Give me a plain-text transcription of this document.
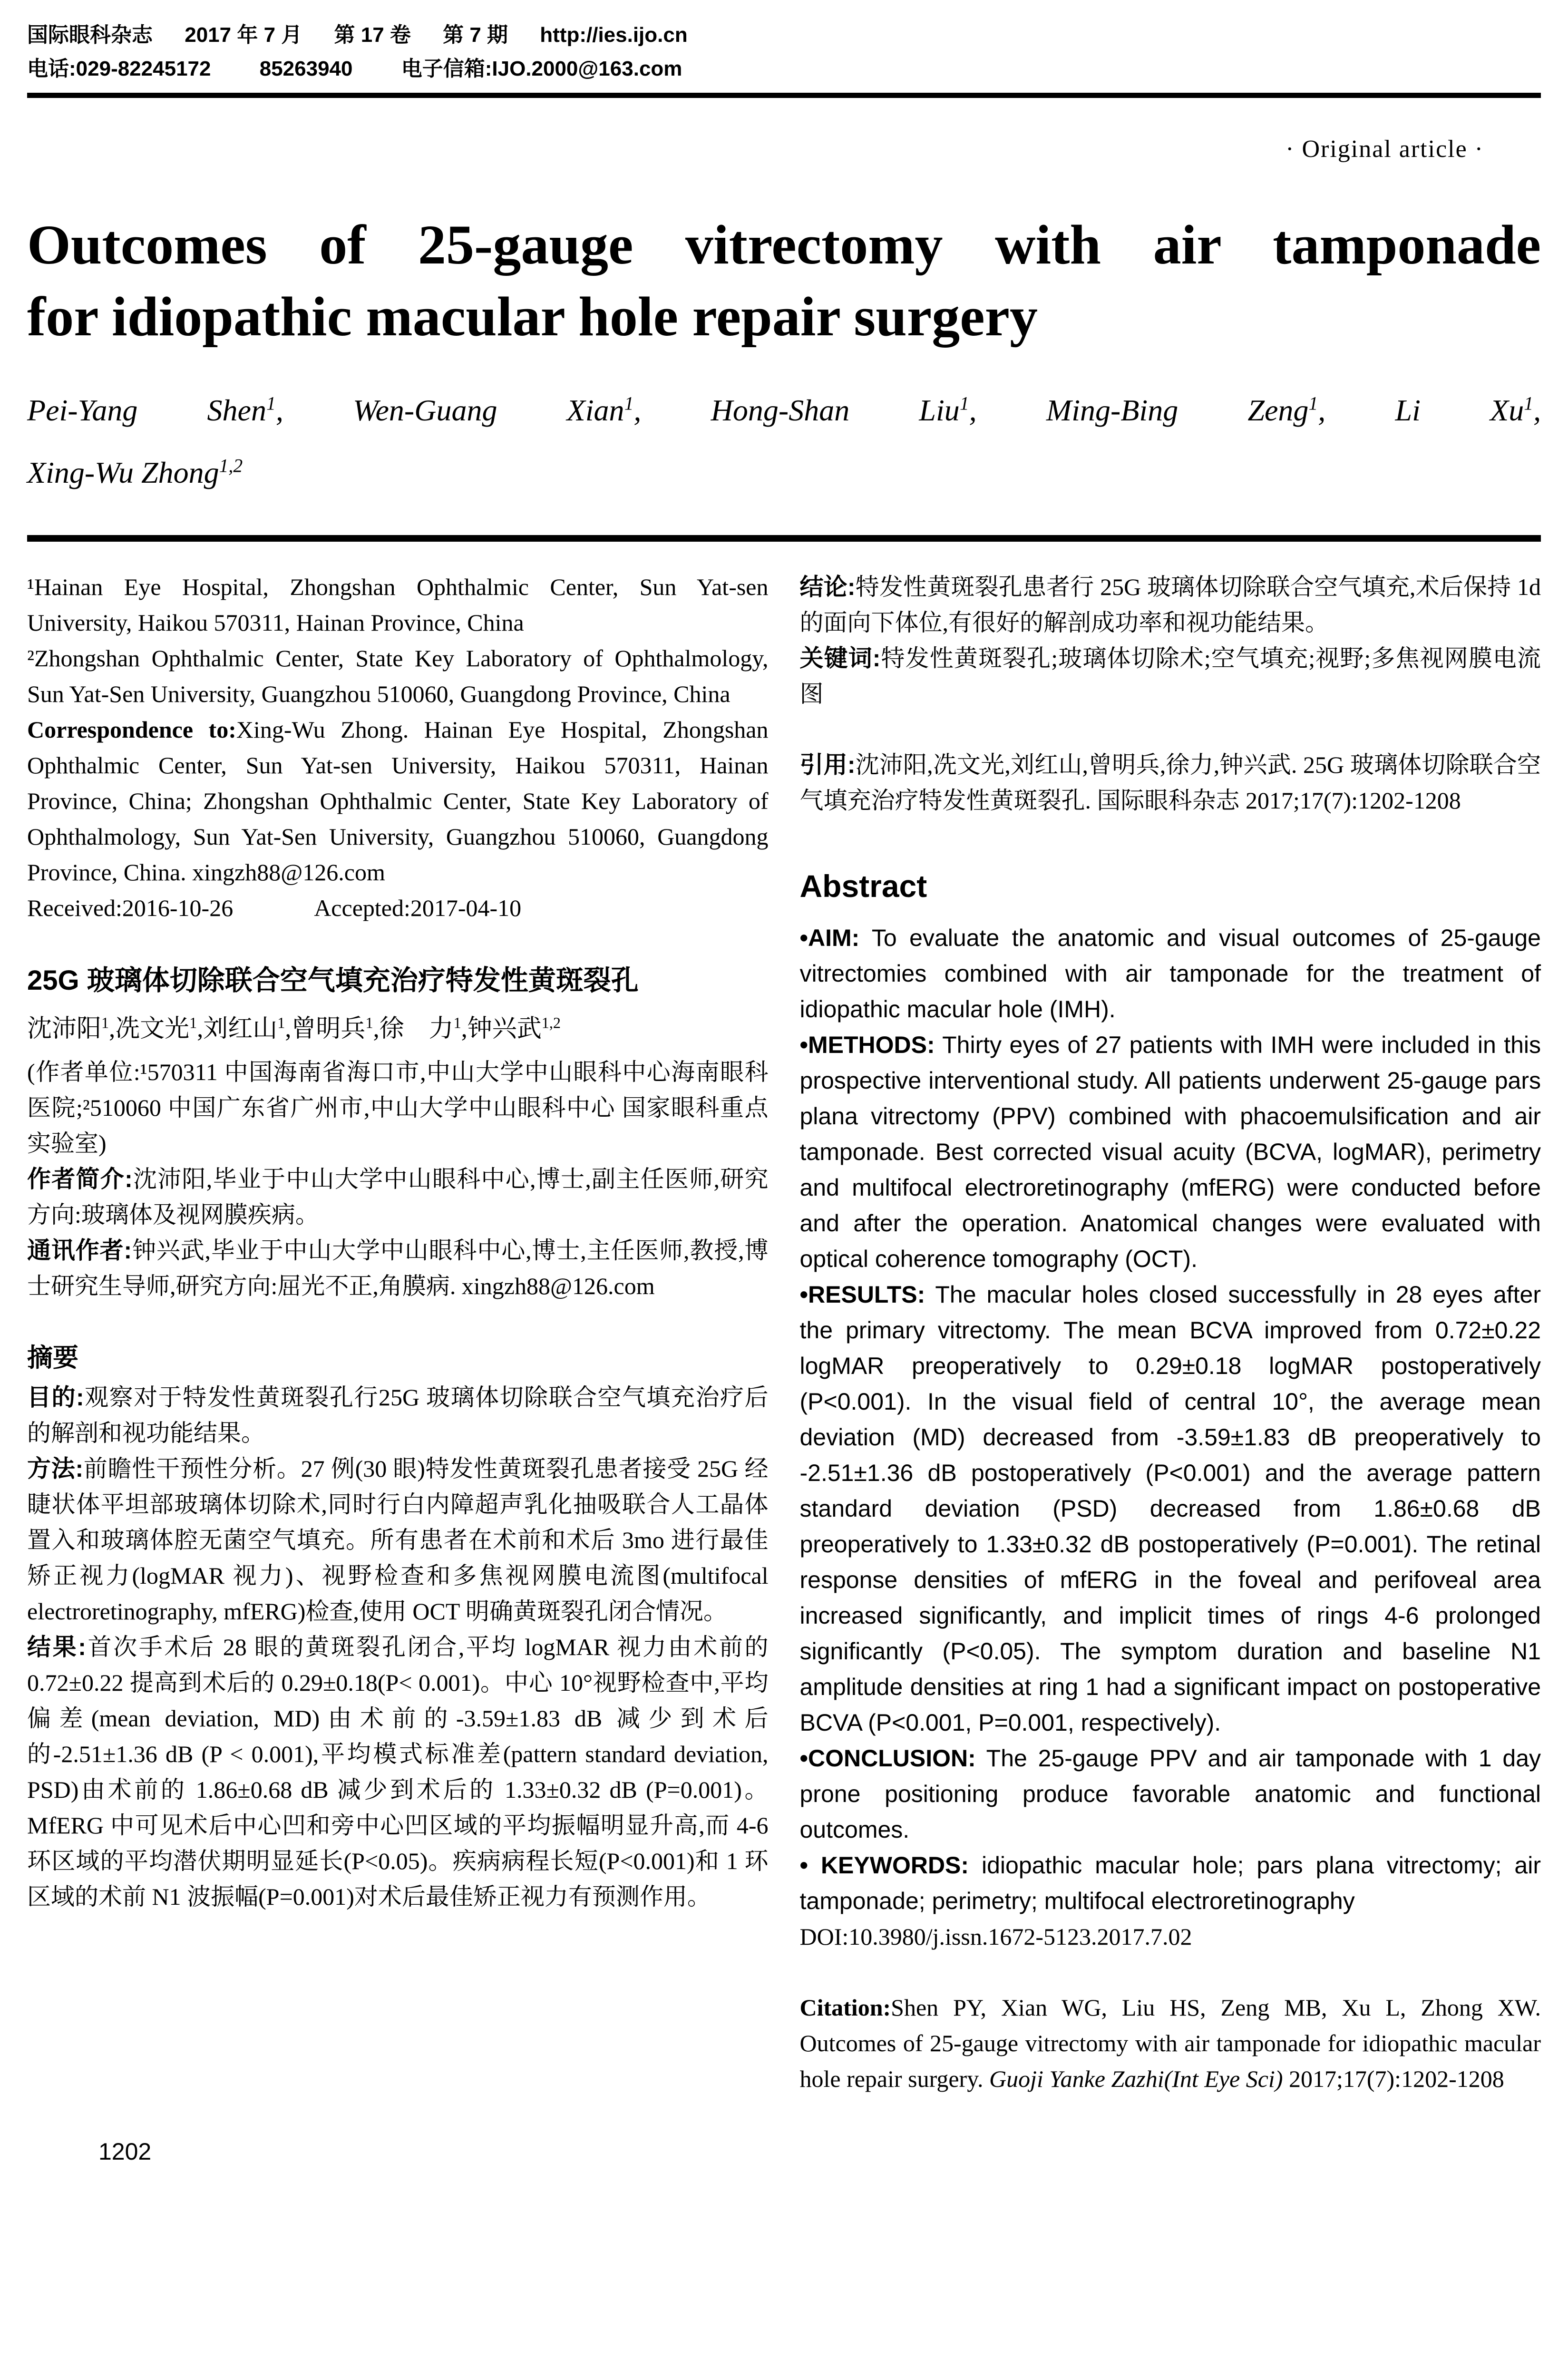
国际眼科杂志 2017 年 7 月 第 17 卷 第 7 期 http://ies.ijo.cn
电话:029-82245172 85263940 电子信箱:IJO.2000@163.com
· Original article ·
Outcomes of 25-gauge vitrectomy with air tamponade
for idiopathic macular hole repair surgery
Pei-Yang Shen$^1$, Wen-Guang Xian$^1$, Hong-Shan Liu$^1$, Ming-Bing Zeng$^1$, Li Xu$^1$,
Xing-Wu Zhong$^{1,2}$

¹Hainan Eye Hospital, Zhongshan Ophthalmic Center, Sun Yat-sen University, Haikou 570311, Hainan Province, China

²Zhongshan Ophthalmic Center, State Key Laboratory of Ophthalmology, Sun Yat-Sen University, Guangzhou 510060, Guangdong Province, China

Correspondence to:Xing-Wu Zhong. Hainan Eye Hospital, Zhongshan Ophthalmic Center, Sun Yat-sen University, Haikou 570311, Hainan Province, China; Zhongshan Ophthalmic Center, State Key Laboratory of Ophthalmology, Sun Yat-Sen University, Guangzhou 510060, Guangdong Province, China. xingzh88@126.com

Received:2016-10-26	Accepted:2017-04-10

25G 玻璃体切除联合空气填充治疗特发性黄斑裂孔
沈沛阳$^1$,冼文光$^1$,刘红山$^1$,曾明兵$^1$,徐　力$^1$,钟兴武$^{1,2}$

(作者单位:¹570311 中国海南省海口市,中山大学中山眼科中心海南眼科医院;²510060 中国广东省广州市,中山大学中山眼科中心 国家眼科重点实验室)

作者简介:沈沛阳,毕业于中山大学中山眼科中心,博士,副主任医师,研究方向:玻璃体及视网膜疾病。

通讯作者:钟兴武,毕业于中山大学中山眼科中心,博士,主任医师,教授,博士研究生导师,研究方向:屈光不正,角膜病. xingzh88@126.com

摘要

目的:观察对于特发性黄斑裂孔行25G 玻璃体切除联合空气填充治疗后的解剖和视功能结果。

方法:前瞻性干预性分析。27 例(30 眼)特发性黄斑裂孔患者接受 25G 经睫状体平坦部玻璃体切除术,同时行白内障超声乳化抽吸联合人工晶体置入和玻璃体腔无菌空气填充。所有患者在术前和术后 3mo 进行最佳矫正视力(logMAR 视力)、视野检查和多焦视网膜电流图(multifocal electroretinography, mfERG)检查,使用 OCT 明确黄斑裂孔闭合情况。

结果:首次手术后 28 眼的黄斑裂孔闭合,平均 logMAR 视力由术前的 0.72±0.22 提高到术后的 0.29±0.18(P< 0.001)。中心 10°视野检查中,平均偏差(mean deviation, MD)由术前的-3.59±1.83 dB 减少到术后的-2.51±1.36 dB (P < 0.001),平均模式标准差(pattern standard deviation, PSD)由术前的 1.86±0.68 dB 减少到术后的 1.33±0.32 dB (P=0.001)。MfERG 中可见术后中心凹和旁中心凹区域的平均振幅明显升高,而 4-6 环区域的平均潜伏期明显延长(P<0.05)。疾病病程长短(P<0.001)和 1 环区域的术前 N1 波振幅(P=0.001)对术后最佳矫正视力有预测作用。

结论:特发性黄斑裂孔患者行 25G 玻璃体切除联合空气填充,术后保持 1d 的面向下体位,有很好的解剖成功率和视功能结果。

关键词:特发性黄斑裂孔;玻璃体切除术;空气填充;视野;多焦视网膜电流图

引用:沈沛阳,冼文光,刘红山,曾明兵,徐力,钟兴武. 25G 玻璃体切除联合空气填充治疗特发性黄斑裂孔. 国际眼科杂志 2017;17(7):1202-1208

Abstract

•AIM: To evaluate the anatomic and visual outcomes of 25-gauge vitrectomies combined with air tamponade for the treatment of idiopathic macular hole (IMH).

•METHODS: Thirty eyes of 27 patients with IMH were included in this prospective interventional study. All patients underwent 25-gauge pars plana vitrectomy (PPV) combined with phacoemulsification and air tamponade. Best corrected visual acuity (BCVA, logMAR), perimetry and multifocal electroretinography (mfERG) were conducted before and after the operation. Anatomical changes were evaluated with optical coherence tomography (OCT).

•RESULTS: The macular holes closed successfully in 28 eyes after the primary vitrectomy. The mean BCVA improved from 0.72±0.22 logMAR preoperatively to 0.29±0.18 logMAR postoperatively (P<0.001). In the visual field of central 10°, the average mean deviation (MD) decreased from -3.59±1.83 dB preoperatively to -2.51±1.36 dB postoperatively (P<0.001) and the average pattern standard deviation (PSD) decreased from 1.86±0.68 dB preoperatively to 1.33±0.32 dB postoperatively (P=0.001). The retinal response densities of mfERG in the foveal and perifoveal area increased significantly, and implicit times of rings 4-6 prolonged significantly (P<0.05). The symptom duration and baseline N1 amplitude densities at ring 1 had a significant impact on postoperative BCVA (P<0.001, P=0.001, respectively).

•CONCLUSION: The 25-gauge PPV and air tamponade with 1 day prone positioning produce favorable anatomic and functional outcomes.

• KEYWORDS: idiopathic macular hole; pars plana vitrectomy; air tamponade; perimetry; multifocal electroretinography

DOI:10.3980/j.issn.1672-5123.2017.7.02

Citation:Shen PY, Xian WG, Liu HS, Zeng MB, Xu L, Zhong XW. Outcomes of 25-gauge vitrectomy with air tamponade for idiopathic macular hole repair surgery. Guoji Yanke Zazhi(Int Eye Sci) 2017;17(7):1202-1208

1202
